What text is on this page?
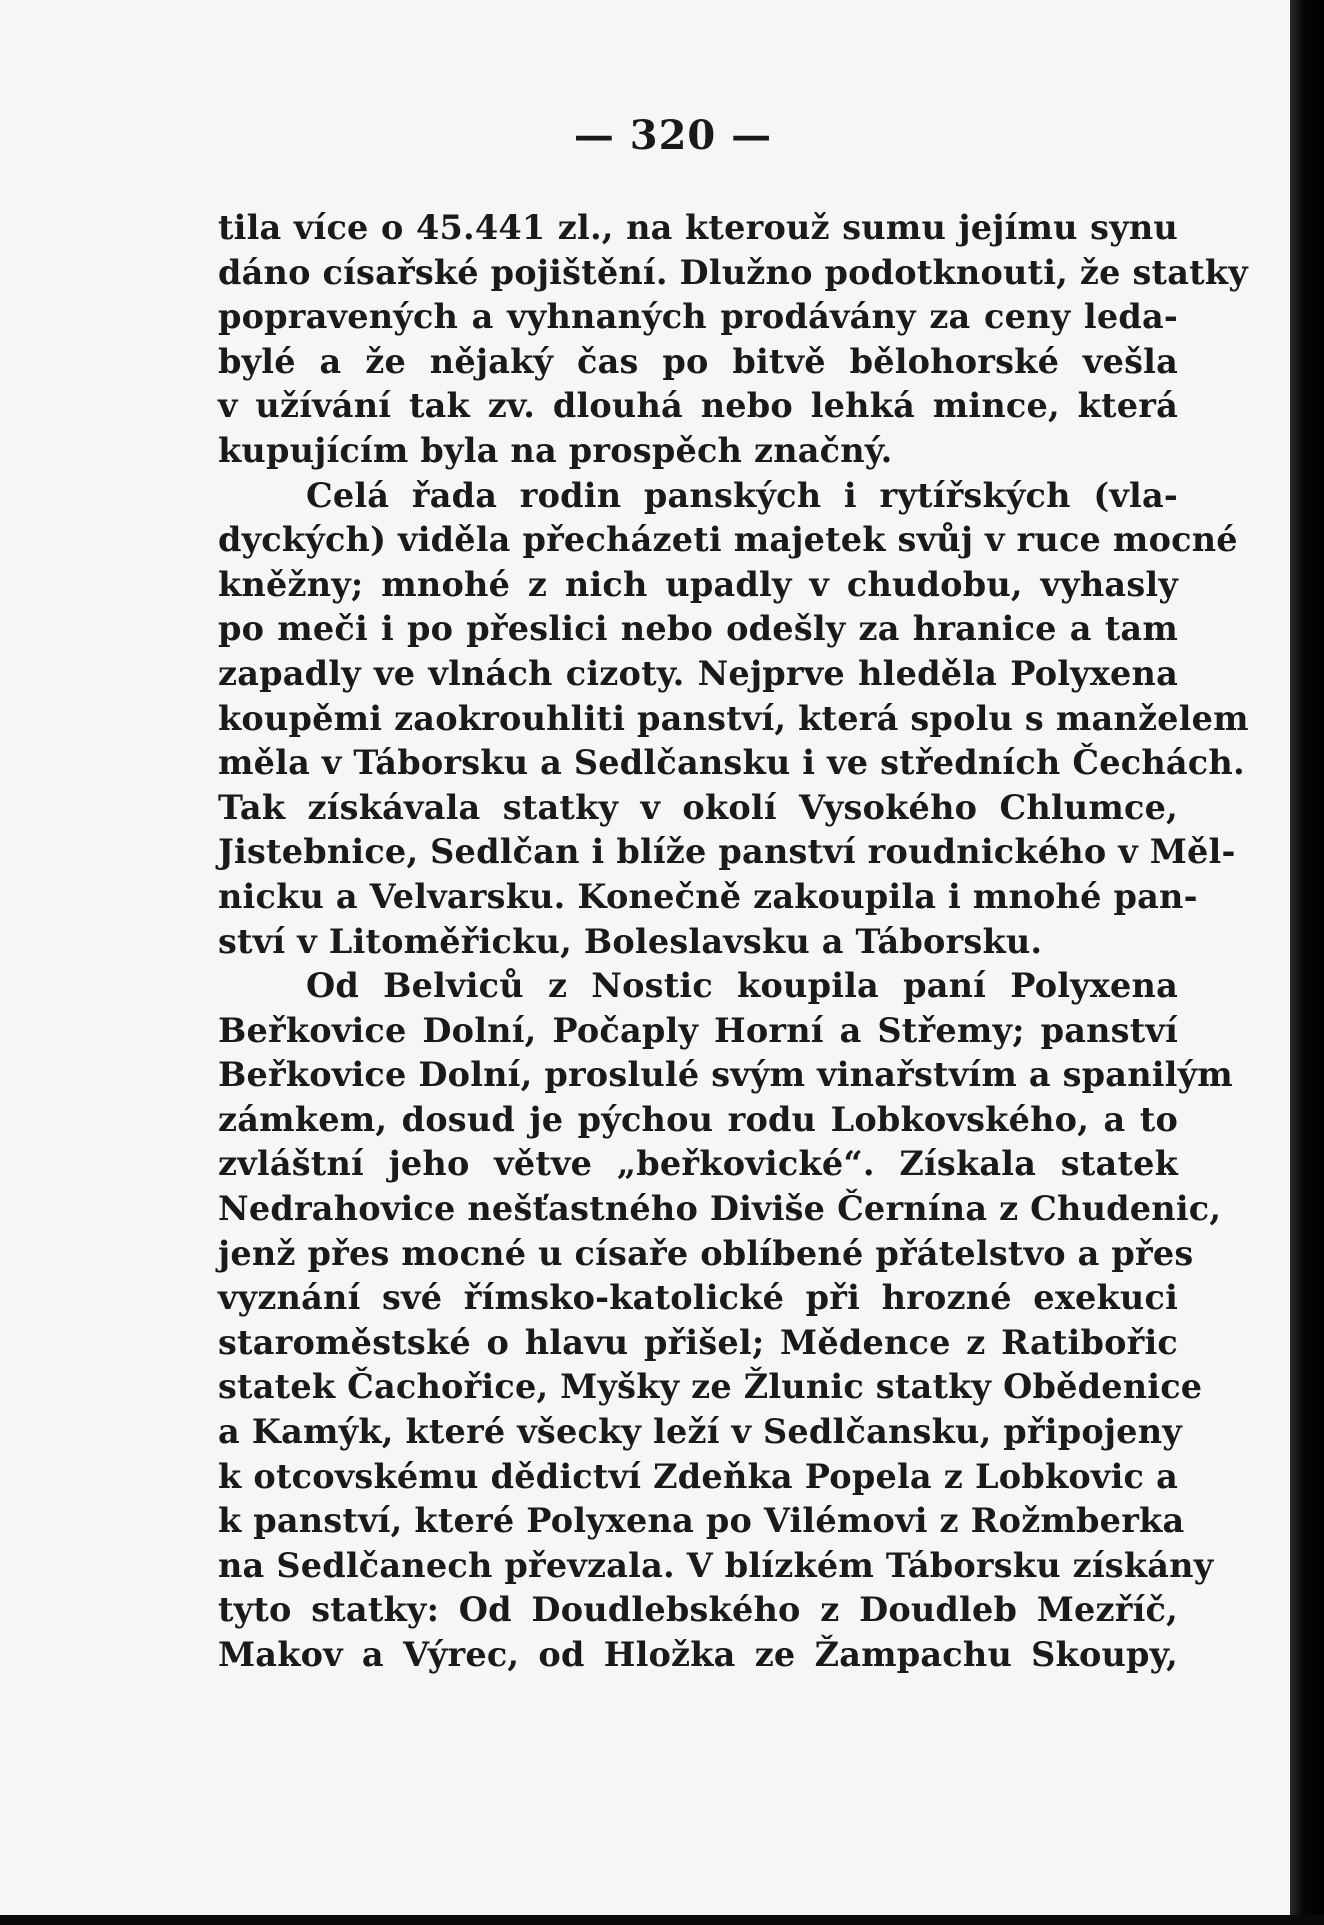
— 320 —
tila více o 45.441 zl., na kterouž sumu jejímu synu
dáno císařské pojištění. Dlužno podotknouti, že statky
popravených a vyhnaných prodávány za ceny leda-
bylé a že nějaký čas po bitvě bělohorské vešla
v užívání tak zv. dlouhá nebo lehká mince, která
kupujícím byla na prospěch značný.
Celá řada rodin panských i rytířských (vla-
dyckých) viděla přecházeti majetek svůj v ruce mocné
kněžny; mnohé z nich upadly v chudobu, vyhasly
po meči i po přeslici nebo odešly za hranice a tam
zapadly ve vlnách cizoty. Nejprve hleděla Polyxena
koupěmi zaokrouhliti panství, která spolu s manželem
měla v Táborsku a Sedlčansku i ve středních Čechách.
Tak získávala statky v okolí Vysokého Chlumce,
Jistebnice, Sedlčan i blíže panství roudnického v Měl-
nicku a Velvarsku. Konečně zakoupila i mnohé pan-
ství v Litoměřicku, Boleslavsku a Táborsku.
Od Belviců z Nostic koupila paní Polyxena
Beřkovice Dolní, Počaply Horní a Střemy; panství
Beřkovice Dolní, proslulé svým vinařstvím a spanilým
zámkem, dosud je pýchou rodu Lobkovského, a to
zvláštní jeho větve „beřkovické“. Získala statek
Nedrahovice nešťastného Diviše Černína z Chudenic,
jenž přes mocné u císaře oblíbené přátelstvo a přes
vyznání své římsko-katolické při hrozné exekuci
staroměstské o hlavu přišel; Mědence z Ratibořic
statek Čachořice, Myšky ze Žlunic statky Obědenice
a Kamýk, které všecky leží v Sedlčansku, připojeny
k otcovskému dědictví Zdeňka Popela z Lobkovic a
k panství, které Polyxena po Vilémovi z Rožmberka
na Sedlčanech převzala. V blízkém Táborsku získány
tyto statky: Od Doudlebského z Doudleb Mezříč,
Makov a Výrec, od Hložka ze Žampachu Skoupy,
